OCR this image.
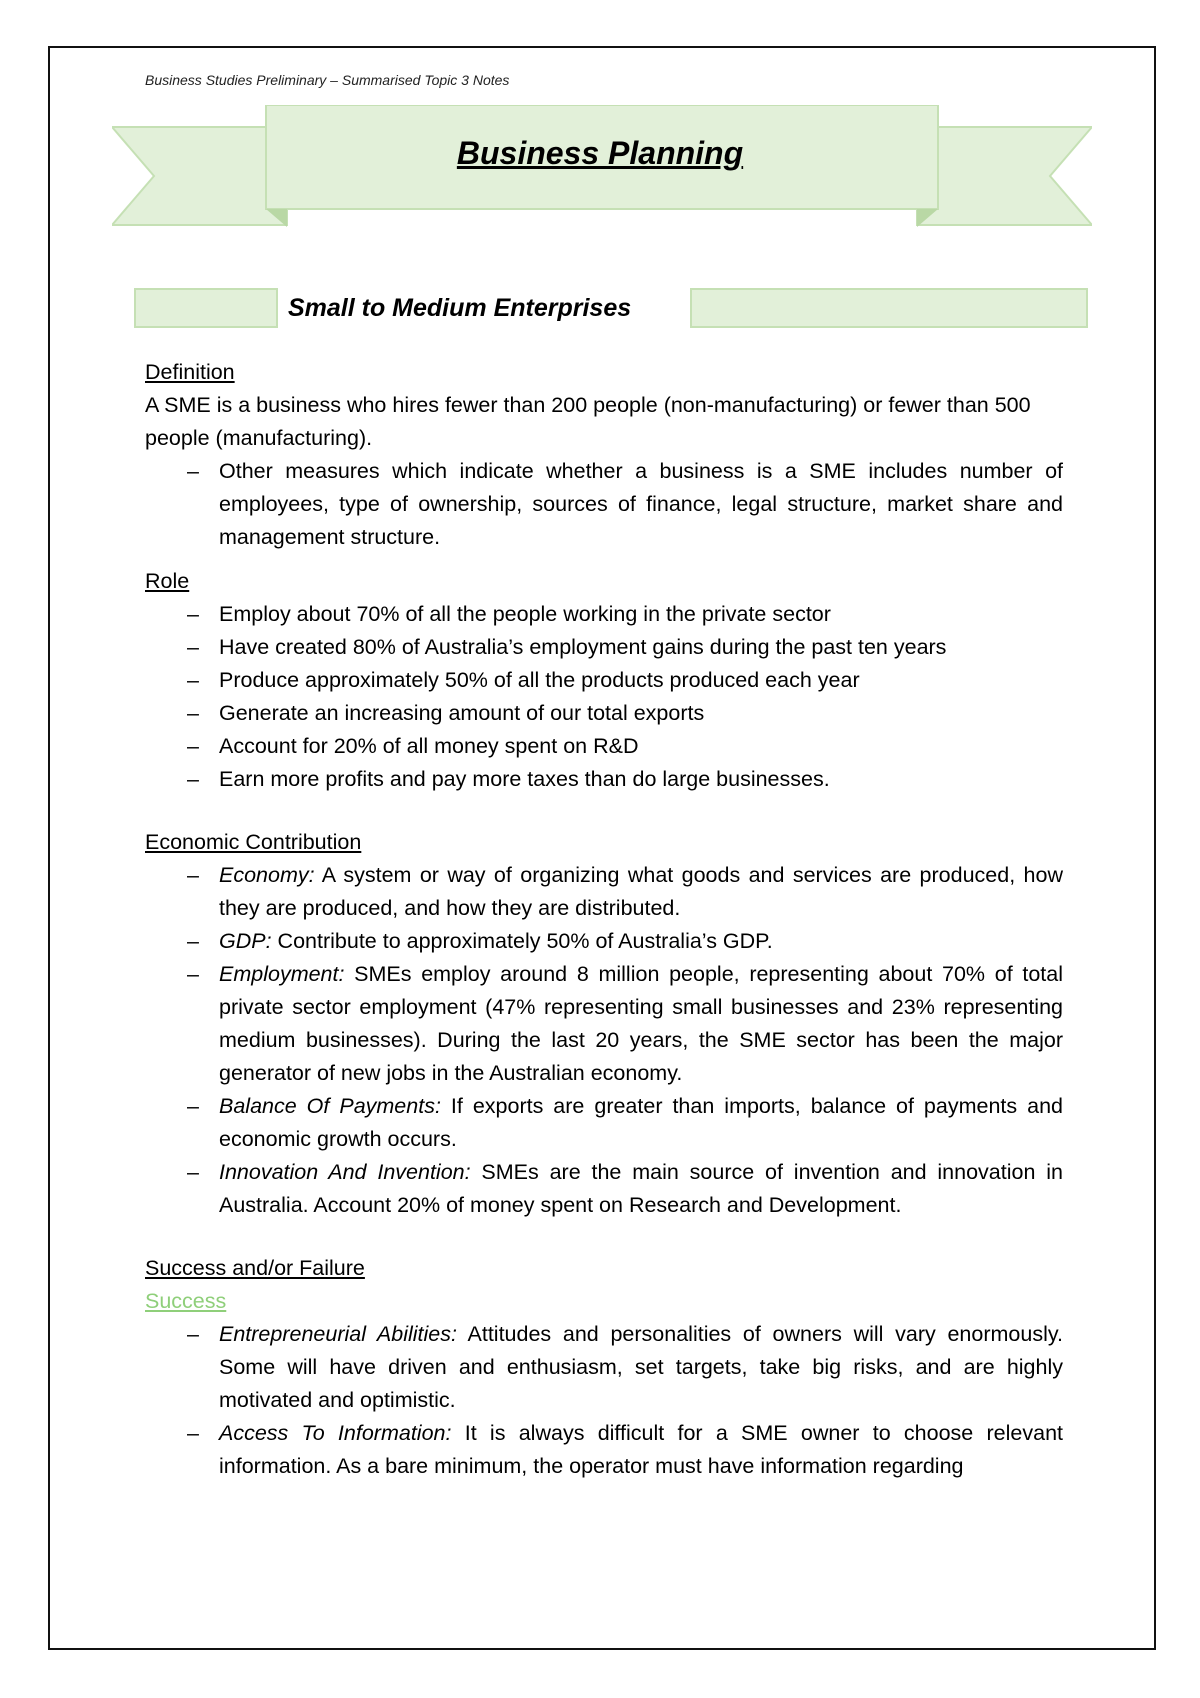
Business Studies Preliminary – Summarised Topic 3 Notes
Business Planning
Small to Medium Enterprises
Definition

A SME is a business who hires fewer than 200 people (non-manufacturing) or fewer than 500 people (manufacturing).

– Other measures which indicate whether a business is a SME includes number of employees, type of ownership, sources of finance, legal structure, market share and management structure.
Role
– Employ about 70% of all the people working in the private sector
– Have created 80% of Australia’s employment gains during the past ten years
– Produce approximately 50% of all the products produced each year
– Generate an increasing amount of our total exports
– Account for 20% of all money spent on R&D
– Earn more profits and pay more taxes than do large businesses.
Economic Contribution
– Economy: A system or way of organizing what goods and services are produced, how they are produced, and how they are distributed.
– GDP: Contribute to approximately 50% of Australia’s GDP.
– Employment: SMEs employ around 8 million people, representing about 70% of total private sector employment (47% representing small businesses and 23% representing medium businesses). During the last 20 years, the SME sector has been the major generator of new jobs in the Australian economy.
– Balance Of Payments: If exports are greater than imports, balance of payments and economic growth occurs.
– Innovation And Invention: SMEs are the main source of invention and innovation in Australia. Account 20% of money spent on Research and Development.
Success and/or Failure
Success
– Entrepreneurial Abilities: Attitudes and personalities of owners will vary enormously. Some will have driven and enthusiasm, set targets, take big risks, and are highly motivated and optimistic.
– Access To Information: It is always difficult for a SME owner to choose relevant information. As a bare minimum, the operator must have information regarding
